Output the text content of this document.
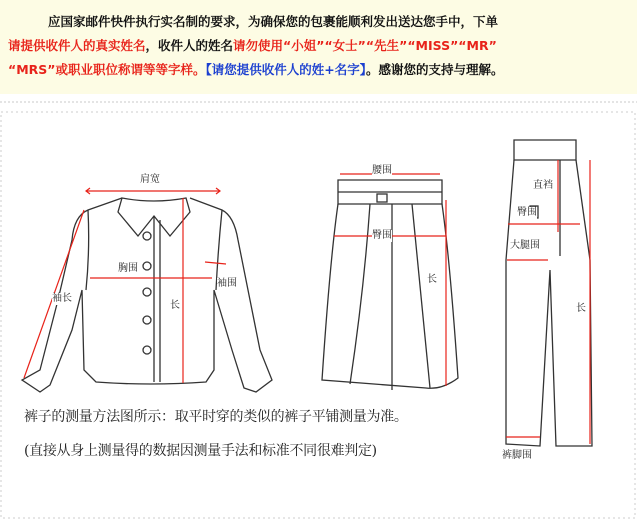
应国家邮件快件执行实名制的要求，为确保您的包裹能顺利发出送达您手中，下单
请提供收件人的真实姓名，收件人的姓名请勿使用“小姐”“女士”“先生”“MISS”“MR”
“MRS”或职业职位称谓等等字样。【请您提供收件人的姓+名字】。感谢您的支持与理解。
肩宽
胸围
长
袖围
袖长
腰围
臀围
长
直裆
臀围
大腿围
长
裤脚围
裤子的测量方法图所示：取平时穿的类似的裤子平铺测量为准。
(直接从身上测量得的数据因测量手法和标准不同很难判定)
